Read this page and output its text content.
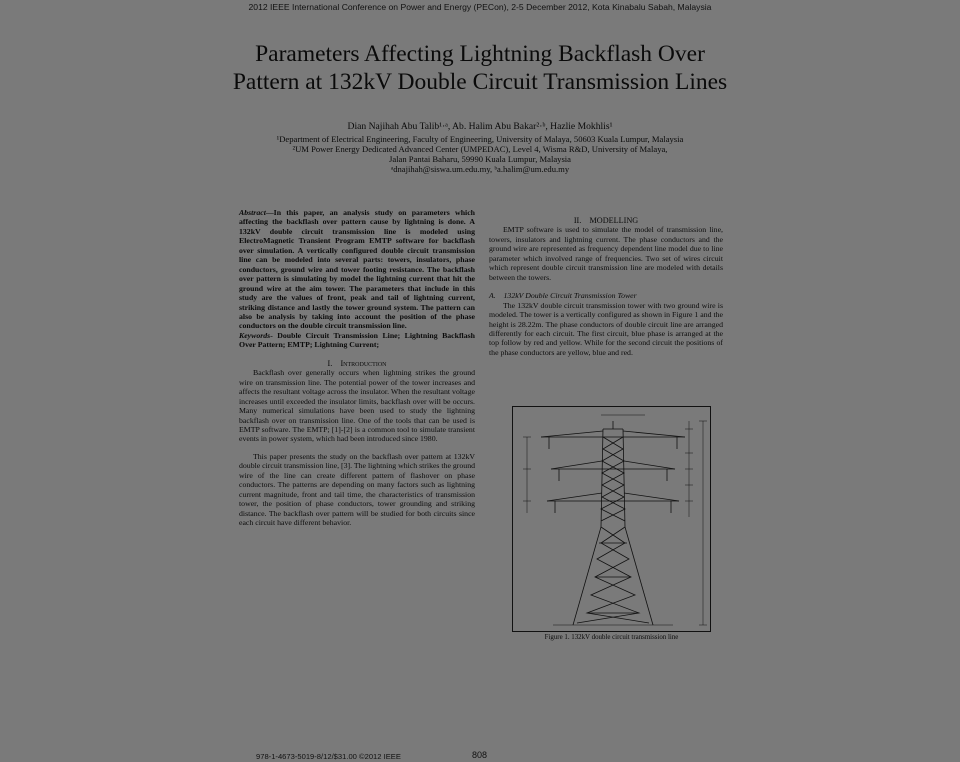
2012 IEEE International Conference on Power and Energy (PECon), 2-5 December 2012, Kota Kinabalu Sabah, Malaysia
Parameters Affecting Lightning Backflash Over
Pattern at 132kV Double Circuit Transmission Lines
Dian Najihah Abu Talib¹·ᵃ, Ab. Halim Abu Bakar²·ᵇ, Hazlie Mokhlis¹
¹Department of Electrical Engineering, Faculty of Engineering, University of Malaya, 50603 Kuala Lumpur, Malaysia
²UM Power Energy Dedicated Advanced Center (UMPEDAC), Level 4, Wisma R&D, University of Malaya,
Jalan Pantai Baharu, 59990 Kuala Lumpur, Malaysia
ᵃdnajihah@siswa.um.edu.my, ᵇa.halim@um.edu.my

Abstract—In this paper, an analysis study on parameters which affecting the backflash over pattern cause by lightning is done. A 132kV double circuit transmission line is modeled using ElectroMagnetic Transient Program EMTP software for backflash over simulation. A vertically configured double circuit transmission line can be modeled into several parts: towers, insulators, phase conductors, ground wire and tower footing resistance. The backflash over pattern is simulating by model the lightning current that hit the ground wire at the aim tower. The parameters that include in this study are the values of front, peak and tail of lightning current, striking distance and lastly the tower ground system. The pattern can also be analysis by taking into account the position of the phase conductors on the double circuit transmission line.

Keywords- Double Circuit Transmission Line; Lightning Backflash Over Pattern; EMTP; Lightning Current;

I. Introduction

Backflash over generally occurs when lightning strikes the ground wire on transmission line. The potential power of the tower increases and affects the resultant voltage across the insulator. When the resultant voltage increases until exceeded the insulator limits, backflash over will be occurs. Many numerical simulations have been used to study the lightning backflash over on transmission line. One of the tools that can be used is EMTP software. The EMTP; [1]-[2] is a common tool to simulate transient events in power system, which had been introduced since 1980.

This paper presents the study on the backflash over pattern at 132kV double circuit transmission line, [3]. The lightning which strikes the ground wire of the line can create different pattern of flashover on phase conductors. The patterns are depending on many factors such as lightning current magnitude, front and tail time, the characteristics of transmission tower, the position of phase conductors, tower grounding and striking distance. The backflash over pattern will be studied for both circuits since each circuit have different behavior.

II. MODELLING

EMTP software is used to simulate the model of transmission line, towers, insulators and lightning current. The phase conductors and the ground wire are represented as frequency dependent line model due to line parameter which involved range of frequencies. Two set of wires circuit which represent double circuit transmission line are modeled with details between the towers.

A. 132kV Double Circuit Transmission Tower

The 132kV double circuit transmission tower with two ground wire is modeled. The tower is a vertically configured as shown in Figure 1 and the height is 28.22m. The phase conductors of double circuit line are arranged differently for each circuit. The first circuit, blue phase is arranged at the top follow by red and yellow. While for the second circuit the positions of the phase conductors are yellow, blue and red.

Figure 1. 132kV double circuit transmission line
978-1-4673-5019-8/12/$31.00 ©2012 IEEE	808
